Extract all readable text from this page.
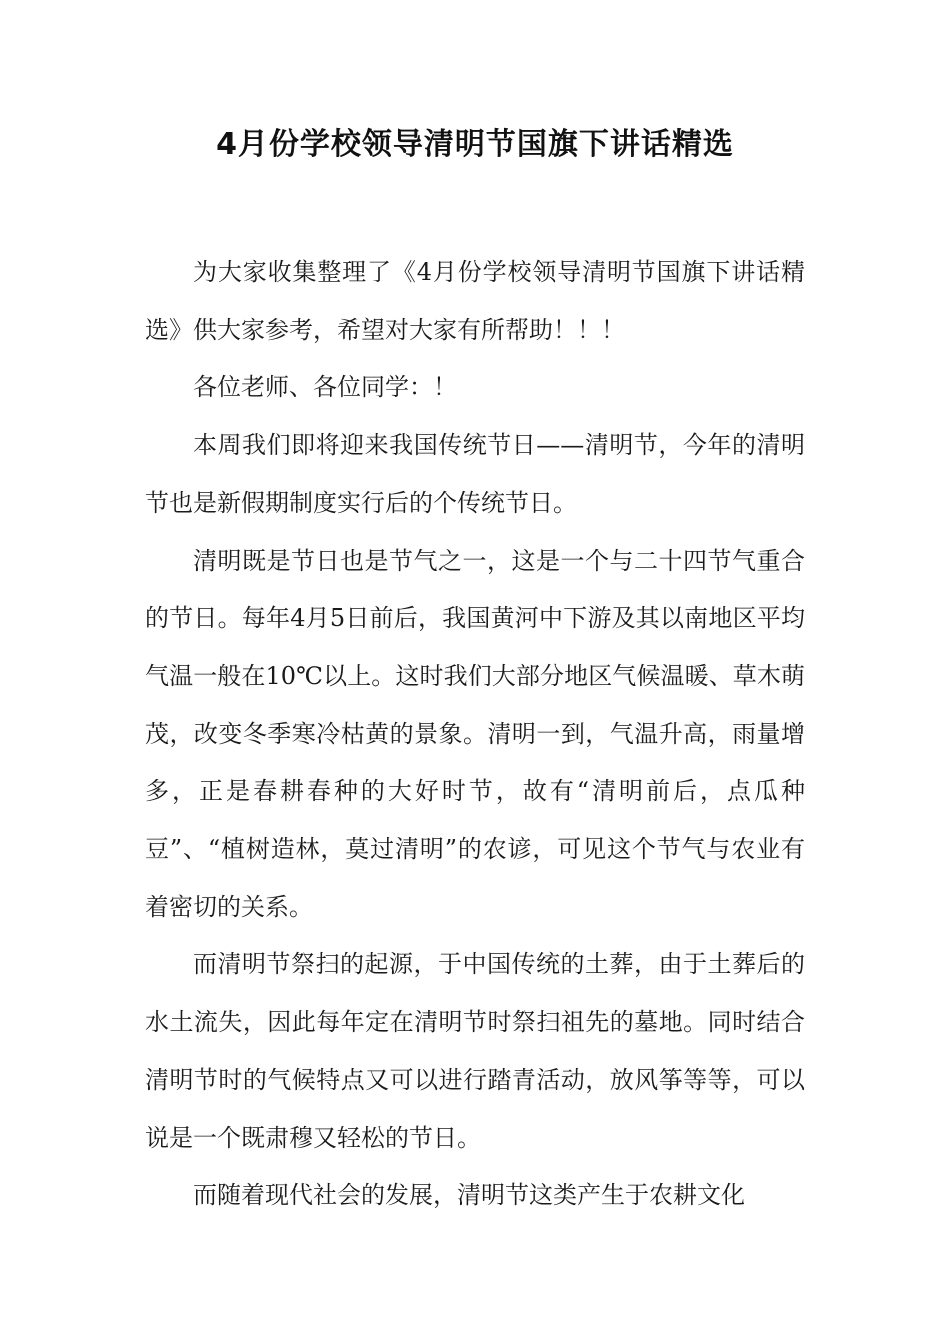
4月份学校领导清明节国旗下讲话精选

为大家收集整理了《4月份学校领导清明节国旗下讲话精选》供大家参考，希望对大家有所帮助！！！

各位老师、各位同学：！

本周我们即将迎来我国传统节日——清明节，今年的清明节也是新假期制度实行后的个传统节日。

清明既是节日也是节气之一，这是一个与二十四节气重合的节日。每年4月5日前后，我国黄河中下游及其以南地区平均气温一般在10℃以上。这时我们大部分地区气候温暖、草木萌茂，改变冬季寒冷枯黄的景象。清明一到，气温升高，雨量增多，正是春耕春种的大好时节，故有“清明前后，点瓜种豆”、“植树造林，莫过清明”的农谚，可见这个节气与农业有着密切的关系。

而清明节祭扫的起源，于中国传统的土葬，由于土葬后的水土流失，因此每年定在清明节时祭扫祖先的墓地。同时结合清明节时的气候特点又可以进行踏青活动，放风筝等等，可以说是一个既肃穆又轻松的节日。

而随着现代社会的发展，清明节这类产生于农耕文化
